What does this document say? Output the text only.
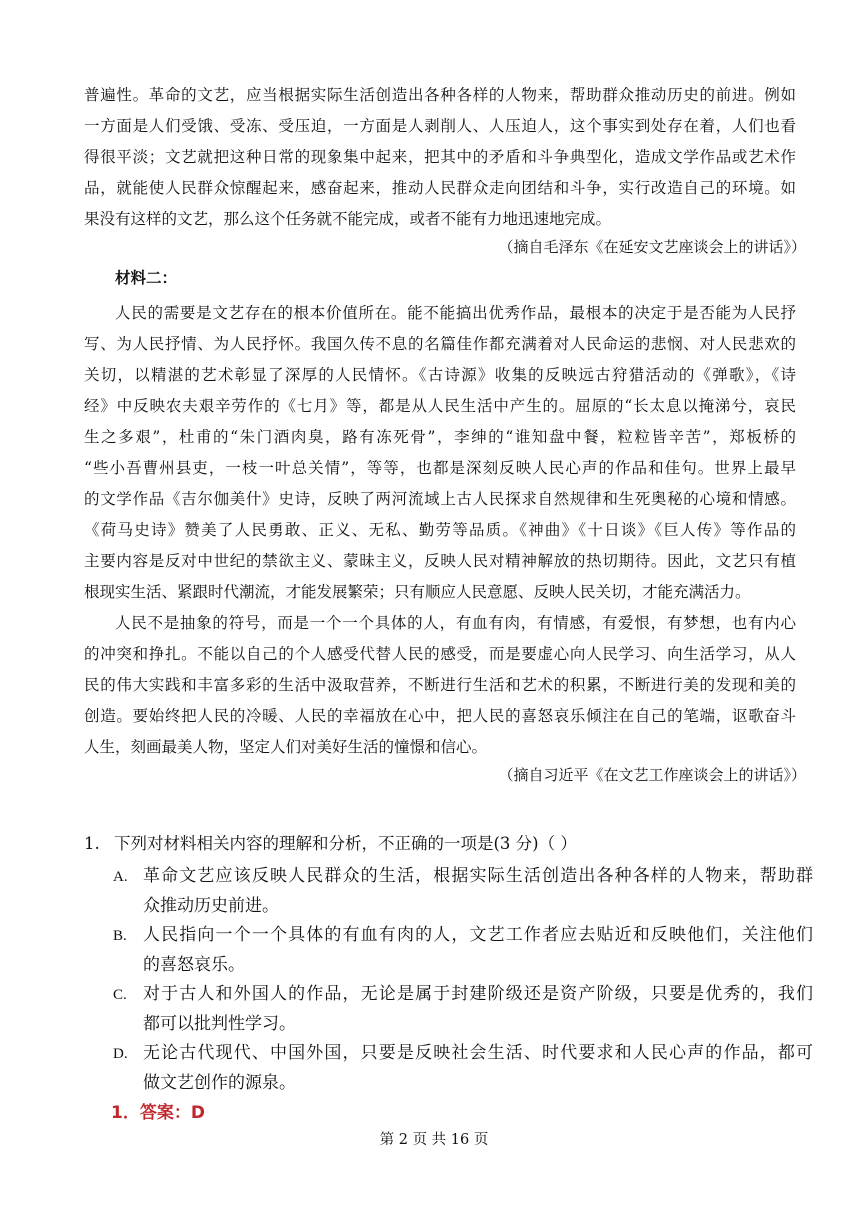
普遍性。革命的文艺，应当根据实际生活创造出各种各样的人物来，帮助群众推动历史的前进。例如
一方面是人们受饿、受冻、受压迫，一方面是人剥削人、人压迫人，这个事实到处存在着，人们也看
得很平淡；文艺就把这种日常的现象集中起来，把其中的矛盾和斗争典型化，造成文学作品或艺术作
品，就能使人民群众惊醒起来，感奋起来，推动人民群众走向团结和斗争，实行改造自己的环境。如
果没有这样的文艺，那么这个任务就不能完成，或者不能有力地迅速地完成。
（摘自毛泽东《在延安文艺座谈会上的讲话》）
材料二：
人民的需要是文艺存在的根本价值所在。能不能搞出优秀作品，最根本的决定于是否能为人民抒
写、为人民抒情、为人民抒怀。我国久传不息的名篇佳作都充满着对人民命运的悲悯、对人民悲欢的
关切，以精湛的艺术彰显了深厚的人民情怀。《古诗源》收集的反映远古狩猎活动的《弹歌》，《诗
经》中反映农夫艰辛劳作的《七月》等，都是从人民生活中产生的。屈原的“长太息以掩涕兮，哀民
生之多艰”，杜甫的“朱门酒肉臭，路有冻死骨”，李绅的“谁知盘中餐，粒粒皆辛苦”，郑板桥的
“些小吾曹州县吏，一枝一叶总关情”，等等，也都是深刻反映人民心声的作品和佳句。世界上最早
的文学作品《吉尔伽美什》史诗，反映了两河流域上古人民探求自然规律和生死奥秘的心境和情感。
《荷马史诗》赞美了人民勇敢、正义、无私、勤劳等品质。《神曲》《十日谈》《巨人传》等作品的
主要内容是反对中世纪的禁欲主义、蒙昧主义，反映人民对精神解放的热切期待。因此，文艺只有植
根现实生活、紧跟时代潮流，才能发展繁荣；只有顺应人民意愿、反映人民关切，才能充满活力。
人民不是抽象的符号，而是一个一个具体的人，有血有肉，有情感，有爱恨，有梦想，也有内心
的冲突和挣扎。不能以自己的个人感受代替人民的感受，而是要虚心向人民学习、向生活学习，从人
民的伟大实践和丰富多彩的生活中汲取营养，不断进行生活和艺术的积累，不断进行美的发现和美的
创造。要始终把人民的冷暖、人民的幸福放在心中，把人民的喜怒哀乐倾注在自己的笔端，讴歌奋斗
人生，刻画最美人物，坚定人们对美好生活的憧憬和信心。
（摘自习近平《在文艺工作座谈会上的讲话》）
1. 下列对材料相关内容的理解和分析，不正确的一项是(3 分)（ ）
A. 革命文艺应该反映人民群众的生活，根据实际生活创造出各种各样的人物来，帮助群
众推动历史前进。
B. 人民指向一个一个具体的有血有肉的人，文艺工作者应去贴近和反映他们，关注他们
的喜怒哀乐。
C. 对于古人和外国人的作品，无论是属于封建阶级还是资产阶级，只要是优秀的，我们
都可以批判性学习。
D. 无论古代现代、中国外国，只要是反映社会生活、时代要求和人民心声的作品，都可
做文艺创作的源泉。
1．答案：D
第 2 页 共 16 页
